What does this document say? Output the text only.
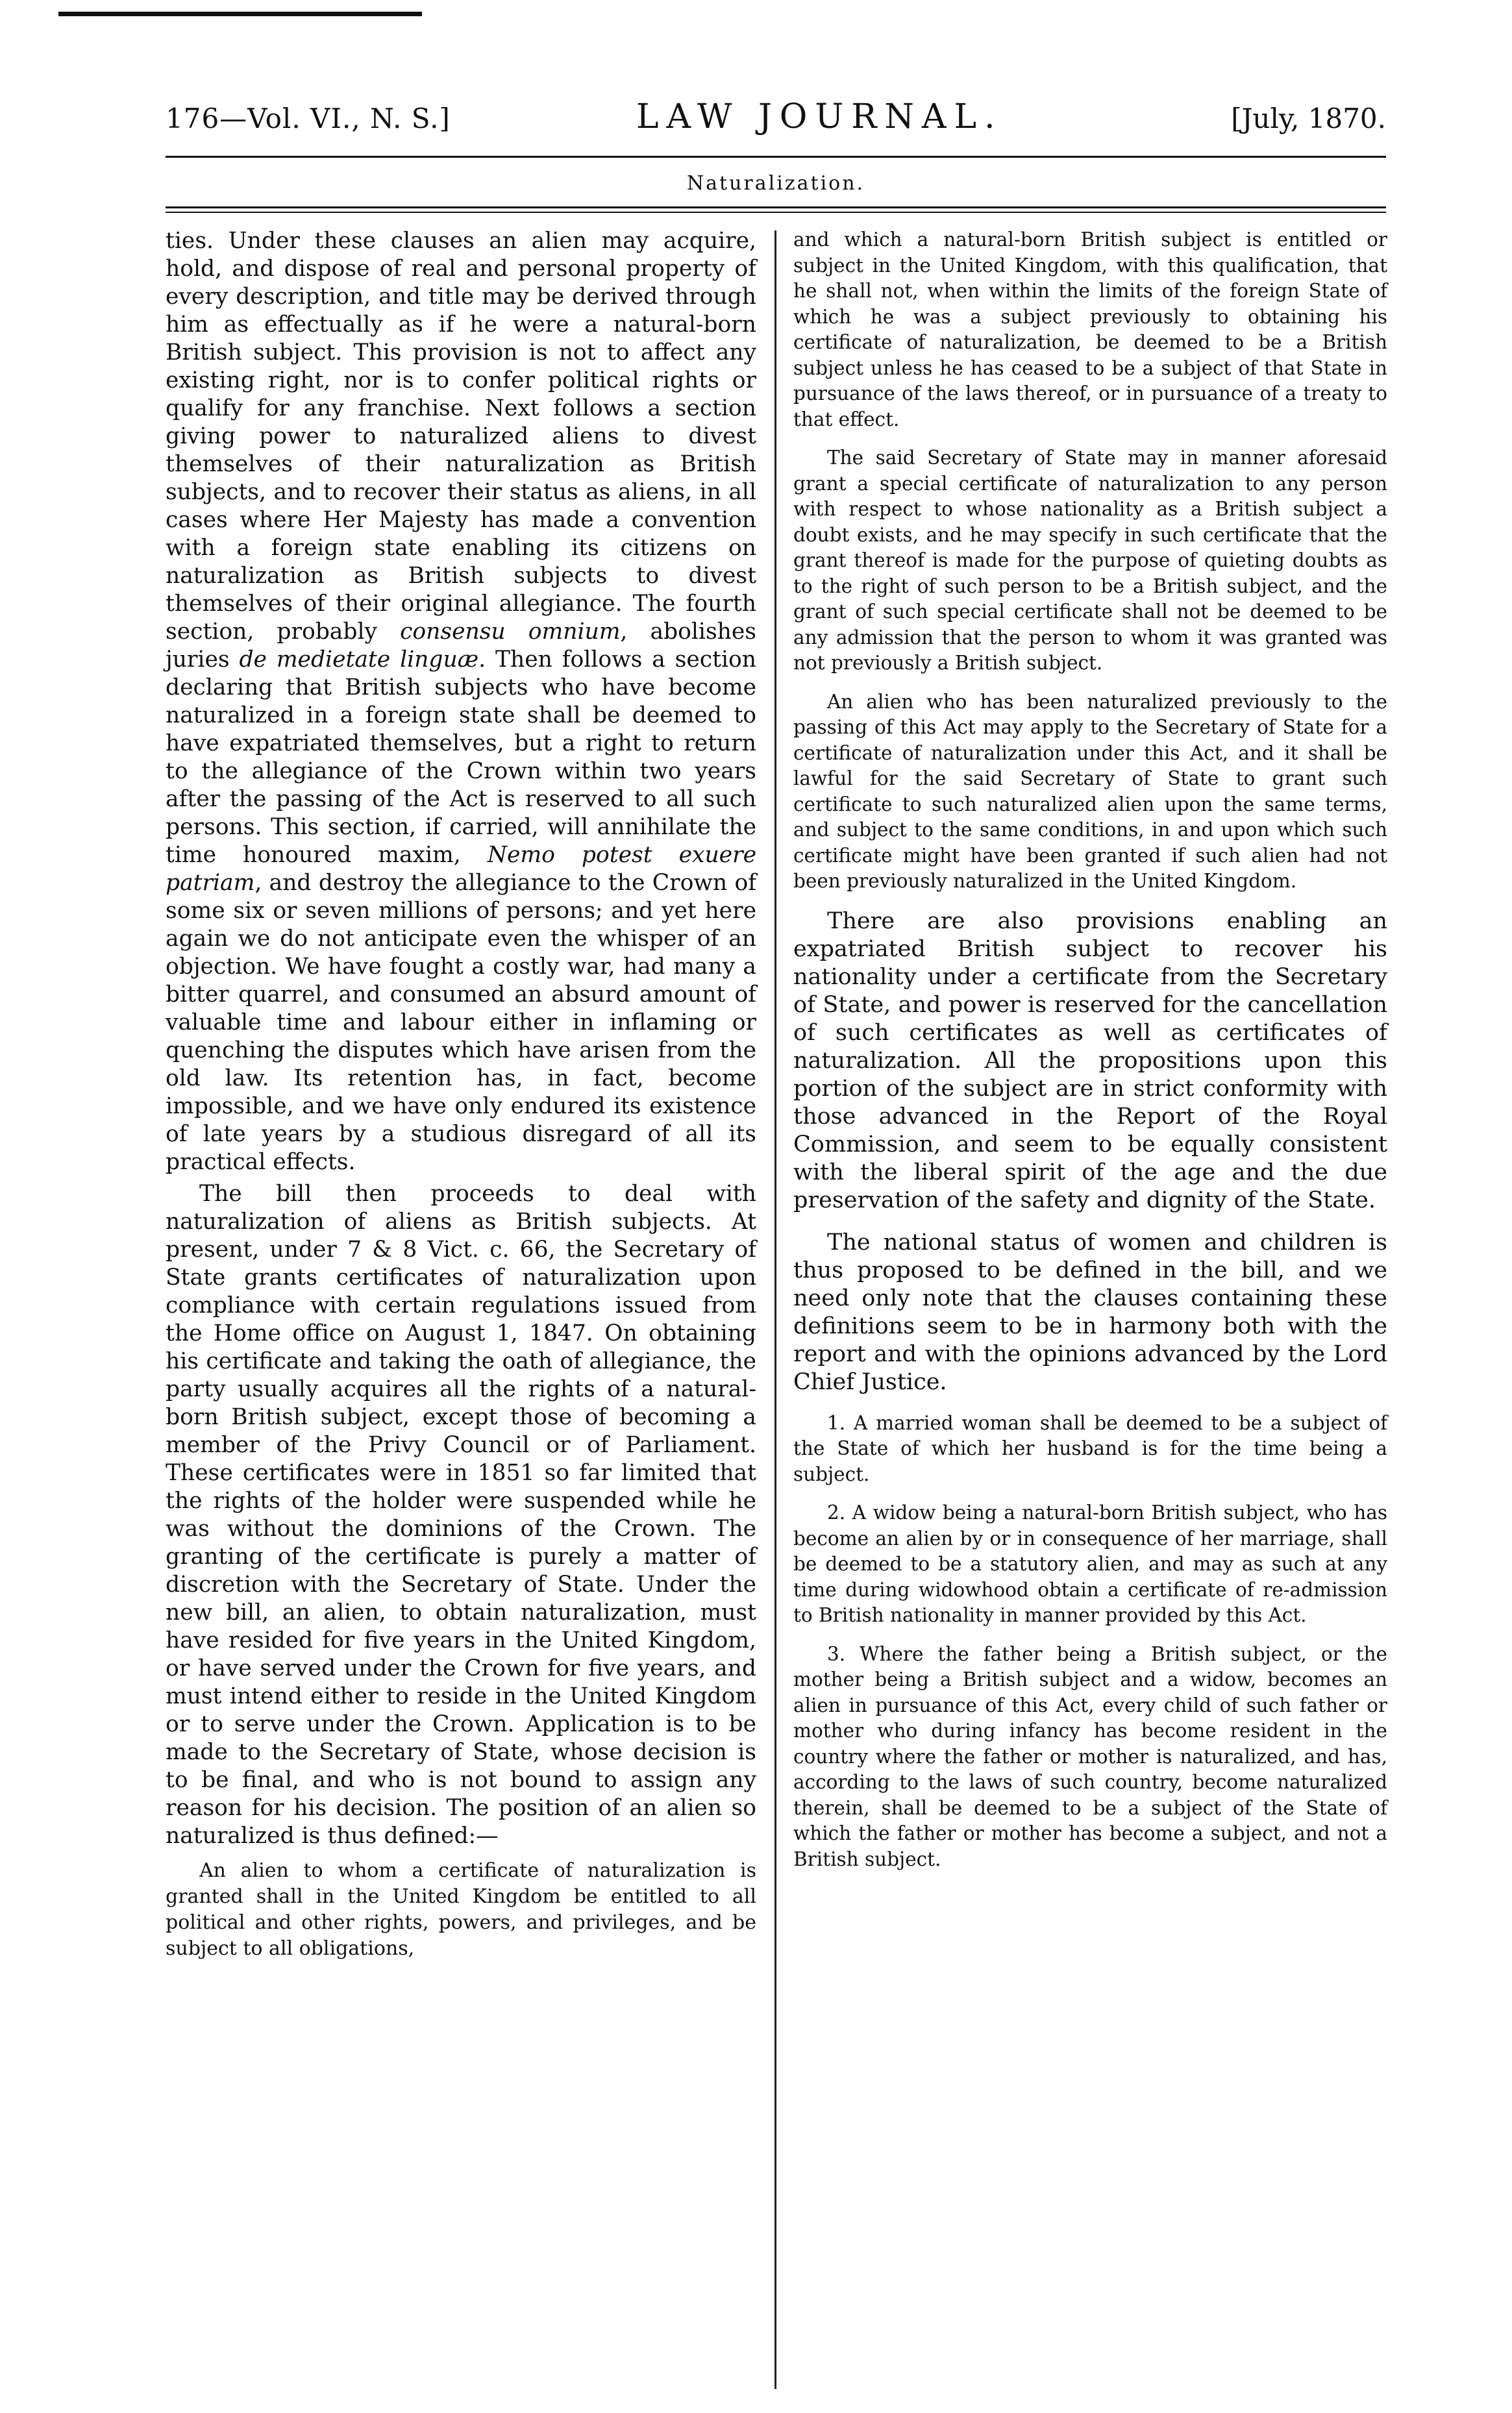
176—Vol. VI., N. S.]	LAW JOURNAL.	[July, 1870.
Naturalization.

ties. Under these clauses an alien may acquire, hold, and dispose of real and personal property of every description, and title may be derived through him as effectually as if he were a natural-born British subject. This provision is not to affect any existing right, nor is to confer political rights or qualify for any franchise. Next follows a section giving power to naturalized aliens to divest themselves of their naturalization as British subjects, and to recover their status as aliens, in all cases where Her Majesty has made a convention with a foreign state enabling its citizens on naturalization as British subjects to divest themselves of their original allegiance. The fourth section, probably consensu omnium, abolishes juries de medietate linguæ. Then follows a section declaring that British subjects who have become naturalized in a foreign state shall be deemed to have expatriated themselves, but a right to return to the allegiance of the Crown within two years after the passing of the Act is reserved to all such persons. This section, if carried, will annihilate the time honoured maxim, Nemo potest exuere patriam, and destroy the allegiance to the Crown of some six or seven millions of persons; and yet here again we do not anticipate even the whisper of an objection. We have fought a costly war, had many a bitter quarrel, and consumed an absurd amount of valuable time and labour either in inflaming or quenching the disputes which have arisen from the old law. Its retention has, in fact, become impossible, and we have only endured its existence of late years by a studious disregard of all its practical effects.

The bill then proceeds to deal with naturalization of aliens as British subjects. At present, under 7 & 8 Vict. c. 66, the Secretary of State grants certificates of naturalization upon compliance with certain regulations issued from the Home office on August 1, 1847. On obtaining his certificate and taking the oath of allegiance, the party usually acquires all the rights of a natural-born British subject, except those of becoming a member of the Privy Council or of Parliament. These certificates were in 1851 so far limited that the rights of the holder were suspended while he was without the dominions of the Crown. The granting of the certificate is purely a matter of discretion with the Secretary of State. Under the new bill, an alien, to obtain naturalization, must have resided for five years in the United Kingdom, or have served under the Crown for five years, and must intend either to reside in the United Kingdom or to serve under the Crown. Application is to be made to the Secretary of State, whose decision is to be final, and who is not bound to assign any reason for his decision. The position of an alien so naturalized is thus defined:—

An alien to whom a certificate of naturalization is granted shall in the United Kingdom be entitled to all political and other rights, powers, and privileges, and be subject to all obligations,

and which a natural-born British subject is entitled or subject in the United Kingdom, with this qualification, that he shall not, when within the limits of the foreign State of which he was a subject previously to obtaining his certificate of naturalization, be deemed to be a British subject unless he has ceased to be a subject of that State in pursuance of the laws thereof, or in pursuance of a treaty to that effect.

The said Secretary of State may in manner aforesaid grant a special certificate of naturalization to any person with respect to whose nationality as a British subject a doubt exists, and he may specify in such certificate that the grant thereof is made for the purpose of quieting doubts as to the right of such person to be a British subject, and the grant of such special certificate shall not be deemed to be any admission that the person to whom it was granted was not previously a British subject.

An alien who has been naturalized previously to the passing of this Act may apply to the Secretary of State for a certificate of naturalization under this Act, and it shall be lawful for the said Secretary of State to grant such certificate to such naturalized alien upon the same terms, and subject to the same conditions, in and upon which such certificate might have been granted if such alien had not been previously naturalized in the United Kingdom.

There are also provisions enabling an expatriated British subject to recover his nationality under a certificate from the Secretary of State, and power is reserved for the cancellation of such certificates as well as certificates of naturalization. All the propositions upon this portion of the subject are in strict conformity with those advanced in the Report of the Royal Commission, and seem to be equally consistent with the liberal spirit of the age and the due preservation of the safety and dignity of the State.

The national status of women and children is thus proposed to be defined in the bill, and we need only note that the clauses containing these definitions seem to be in harmony both with the report and with the opinions advanced by the Lord Chief Justice.

1. A married woman shall be deemed to be a subject of the State of which her husband is for the time being a subject.

2. A widow being a natural-born British subject, who has become an alien by or in consequence of her marriage, shall be deemed to be a statutory alien, and may as such at any time during widowhood obtain a certificate of re-admission to British nationality in manner provided by this Act.

3. Where the father being a British subject, or the mother being a British subject and a widow, becomes an alien in pursuance of this Act, every child of such father or mother who during infancy has become resident in the country where the father or mother is naturalized, and has, according to the laws of such country, become naturalized therein, shall be deemed to be a subject of the State of which the father or mother has become a subject, and not a British subject.
